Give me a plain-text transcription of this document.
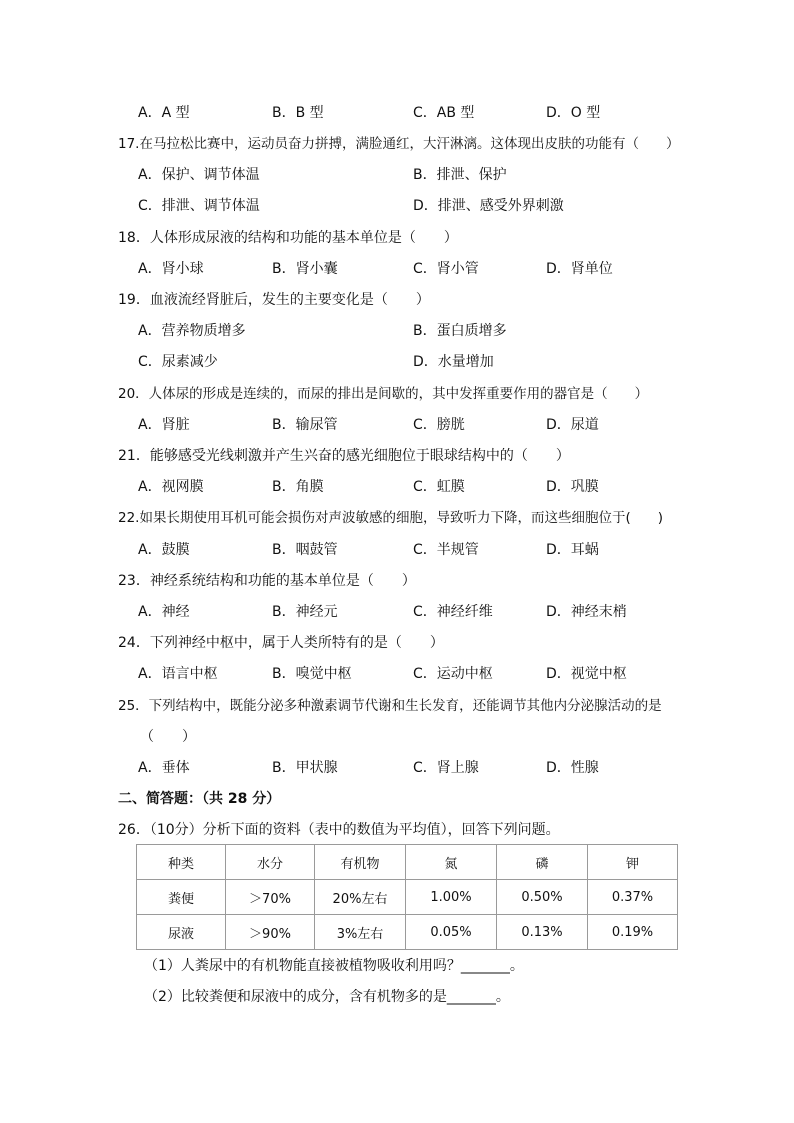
A．A 型	B．B 型	C．AB 型	D．O 型
17.在马拉松比赛中，运动员奋力拼搏，满脸通红，大汗淋漓。这体现出皮肤的功能有（　　）
A．保护、调节体温	B．排泄、保护
C．排泄、调节体温	D．排泄、感受外界刺激
18．人体形成尿液的结构和功能的基本单位是（　　）
A．肾小球	B．肾小囊	C．肾小管	D．肾单位
19．血液流经肾脏后，发生的主要变化是（　　）
A．营养物质增多	B．蛋白质增多
C．尿素减少	D．水量增加
20．人体尿的形成是连续的，而尿的排出是间歇的，其中发挥重要作用的器官是（　　）
A．肾脏	B．输尿管	C．膀胱	D．尿道
21．能够感受光线刺激并产生兴奋的感光细胞位于眼球结构中的（　　）
A．视网膜	B．角膜	C．虹膜	D．巩膜
22.如果长期使用耳机可能会损伤对声波敏感的细胞，导致听力下降，而这些细胞位于(　　)
A．鼓膜	B．咽鼓管	C．半规管	D．耳蜗
23．神经系统结构和功能的基本单位是（　　）
A．神经	B．神经元	C．神经纤维	D．神经末梢
24．下列神经中枢中，属于人类所特有的是（　　）
A．语言中枢	B．嗅觉中枢	C．运动中枢	D．视觉中枢
25．下列结构中，既能分泌多种激素调节代谢和生长发育，还能调节其他内分泌腺活动的是
（　　）
A．垂体	B．甲状腺	C．肾上腺	D．性腺
二、简答题：（共 28 分）
26．（10分）分析下面的资料（表中的数值为平均值），回答下列问题。
种类	水分	有机物	氮	磷	钾
粪便	＞70%	20%左右	1.00%	0.50%	0.37%
尿液	＞90%	3%左右	0.05%	0.13%	0.19%
（1）人粪尿中的有机物能直接被植物吸收利用吗？_______。
（2）比较粪便和尿液中的成分，含有机物多的是_______。
